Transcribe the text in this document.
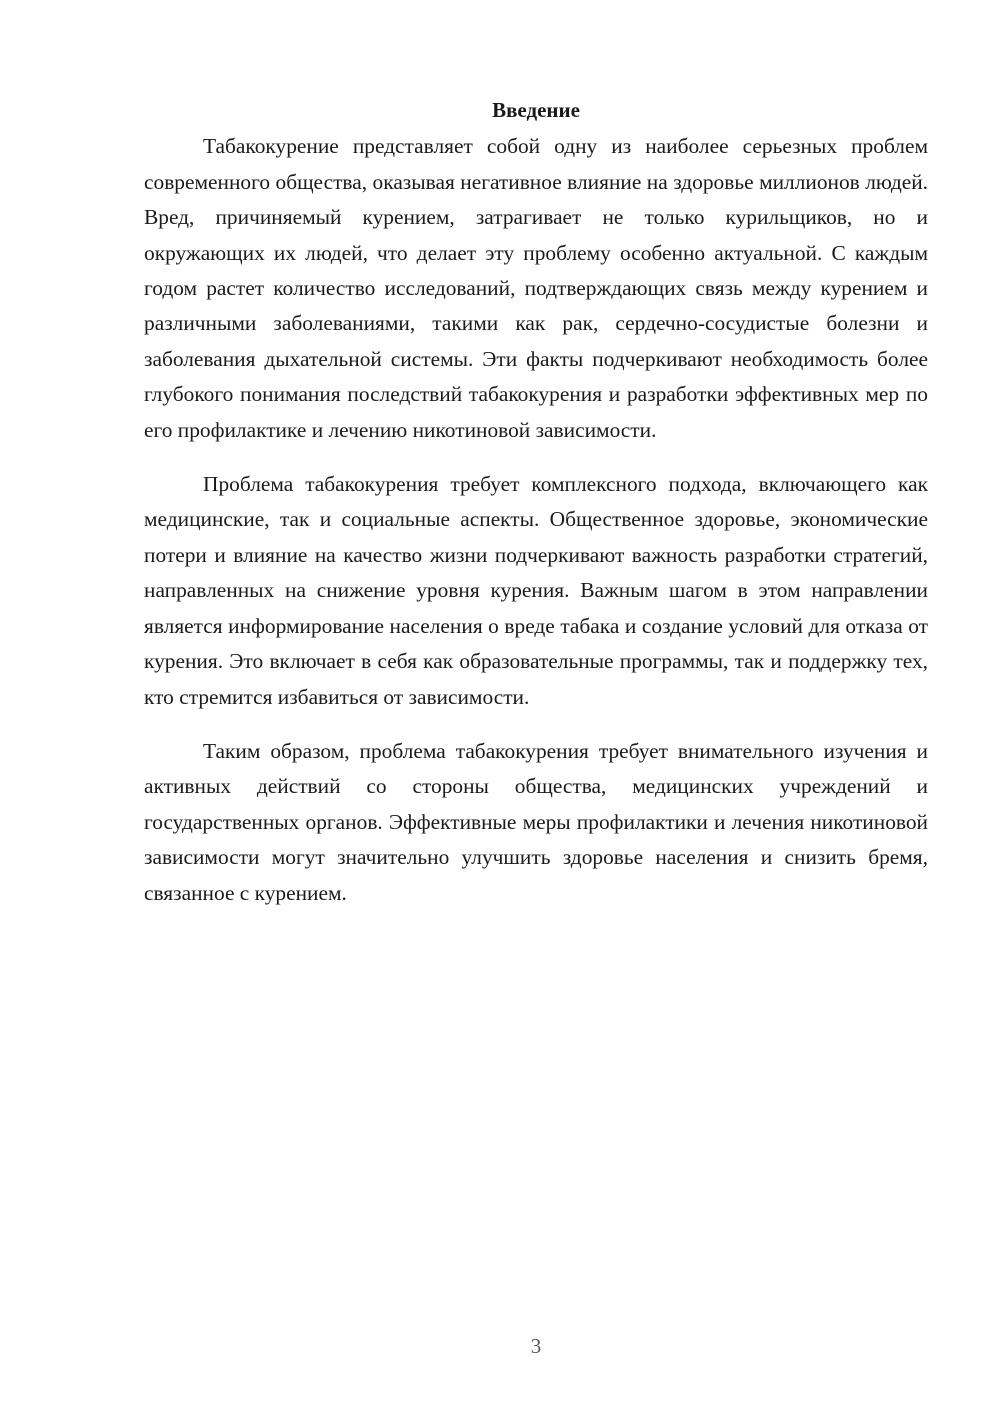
Введение

Табакокурение представляет собой одну из наиболее серьезных проблем современного общества, оказывая негативное влияние на здоровье миллионов людей. Вред, причиняемый курением, затрагивает не только курильщиков, но и окружающих их людей, что делает эту проблему особенно актуальной. С каждым годом растет количество исследований, подтверждающих связь между курением и различными заболеваниями, такими как рак, сердечно-сосудистые болезни и заболевания дыхательной системы. Эти факты подчеркивают необходимость более глубокого понимания последствий табакокурения и разработки эффективных мер по его профилактике и лечению никотиновой зависимости.

Проблема табакокурения требует комплексного подхода, включающего как медицинские, так и социальные аспекты. Общественное здоровье, экономические потери и влияние на качество жизни подчеркивают важность разработки стратегий, направленных на снижение уровня курения. Важным шагом в этом направлении является информирование населения о вреде табака и создание условий для отказа от курения. Это включает в себя как образовательные программы, так и поддержку тех, кто стремится избавиться от зависимости.

Таким образом, проблема табакокурения требует внимательного изучения и активных действий со стороны общества, медицинских учреждений и государственных органов. Эффективные меры профилактики и лечения никотиновой зависимости могут значительно улучшить здоровье населения и снизить бремя, связанное с курением.

3
